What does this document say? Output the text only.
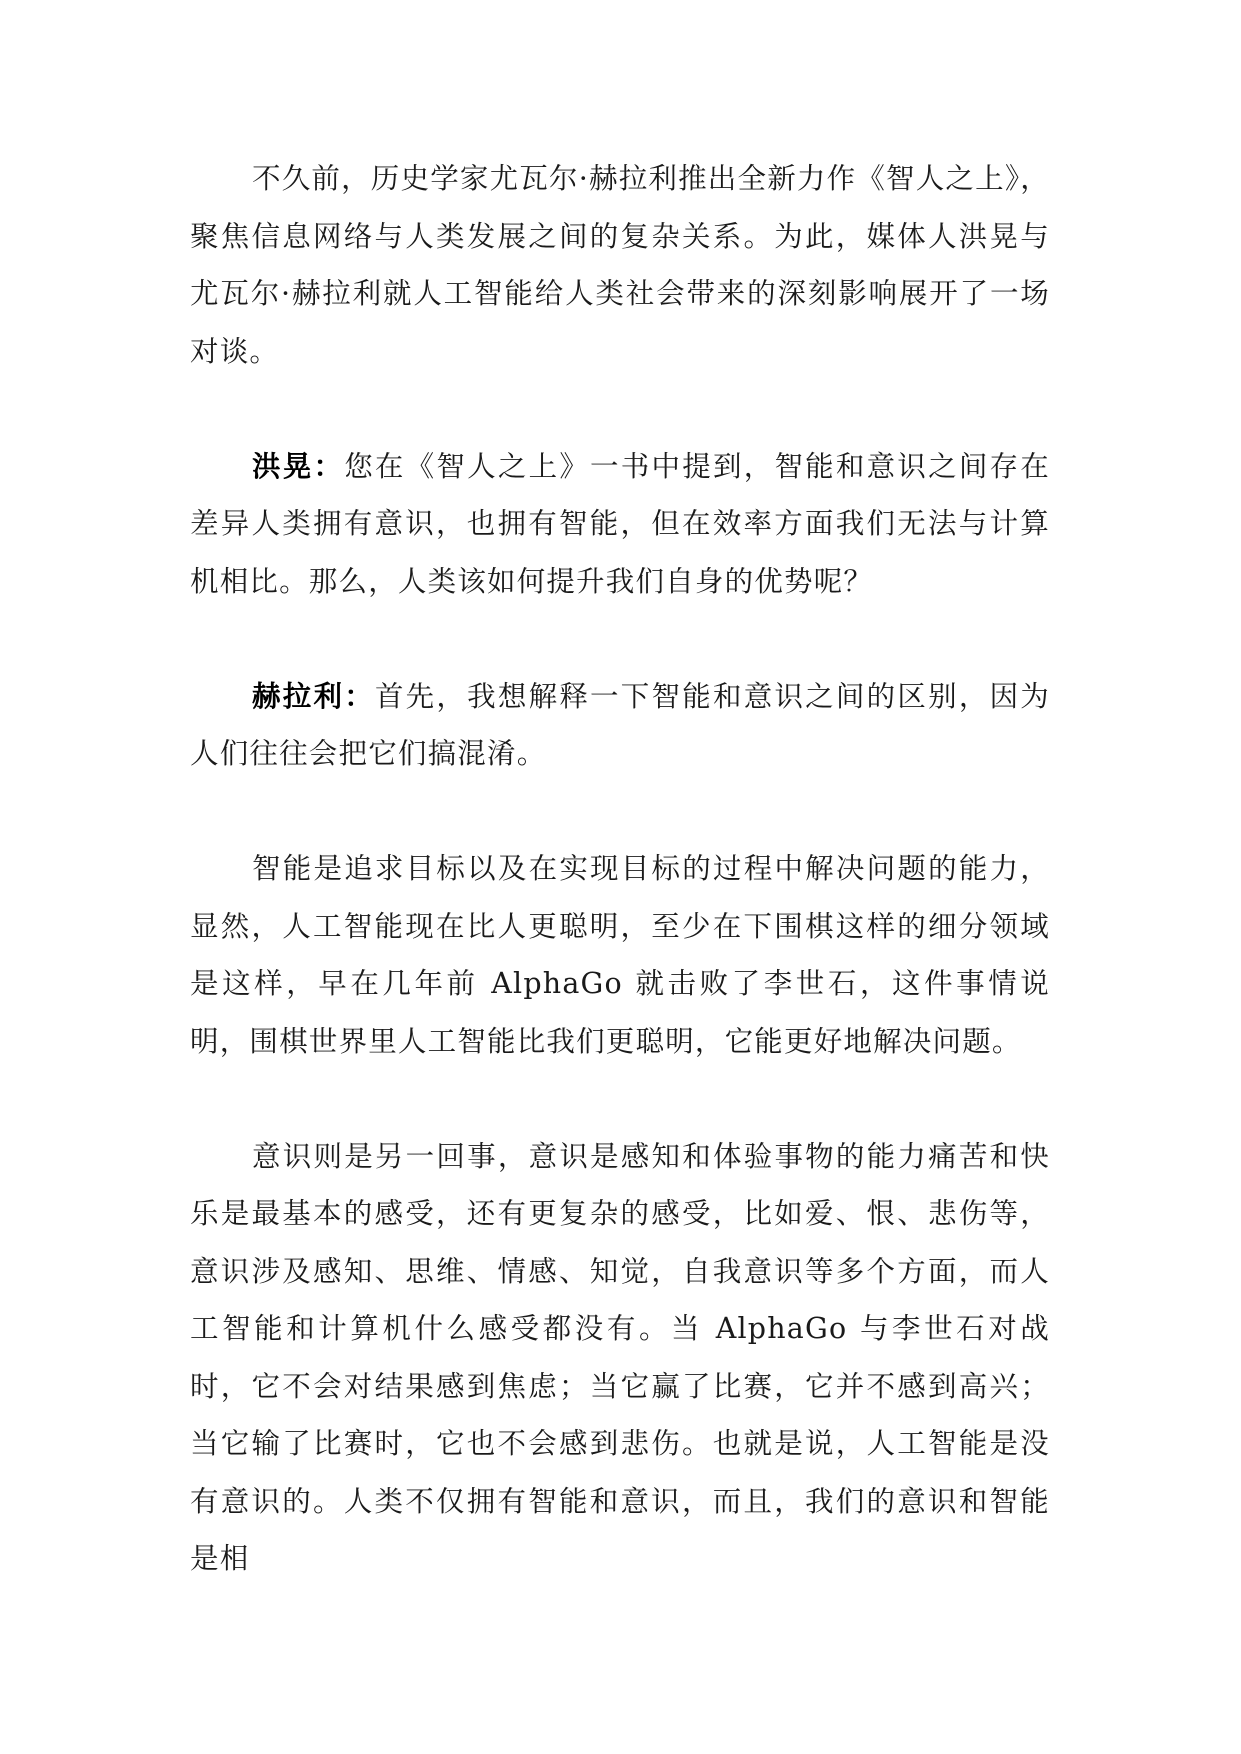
不久前，历史学家尤瓦尔·赫拉利推出全新力作《智人之上》，聚焦信息网络与人类发展之间的复杂关系。为此，媒体人洪晃与尤瓦尔·赫拉利就人工智能给人类社会带来的深刻影响展开了一场对谈。

洪晃：您在《智人之上》一书中提到，智能和意识之间存在差异人类拥有意识，也拥有智能，但在效率方面我们无法与计算机相比。那么，人类该如何提升我们自身的优势呢？

赫拉利：首先，我想解释一下智能和意识之间的区别，因为人们往往会把它们搞混淆。

智能是追求目标以及在实现目标的过程中解决问题的能力，显然，人工智能现在比人更聪明，至少在下围棋这样的细分领域是这样，早在几年前 AlphaGo 就击败了李世石，这件事情说明，围棋世界里人工智能比我们更聪明，它能更好地解决问题。

意识则是另一回事，意识是感知和体验事物的能力痛苦和快乐是最基本的感受，还有更复杂的感受，比如爱、恨、悲伤等，意识涉及感知、思维、情感、知觉，自我意识等多个方面，而人工智能和计算机什么感受都没有。当 AlphaGo 与李世石对战时，它不会对结果感到焦虑；当它赢了比赛，它并不感到高兴；当它输了比赛时，它也不会感到悲伤。也就是说，人工智能是没有意识的。人类不仅拥有智能和意识，而且，我们的意识和智能是相
